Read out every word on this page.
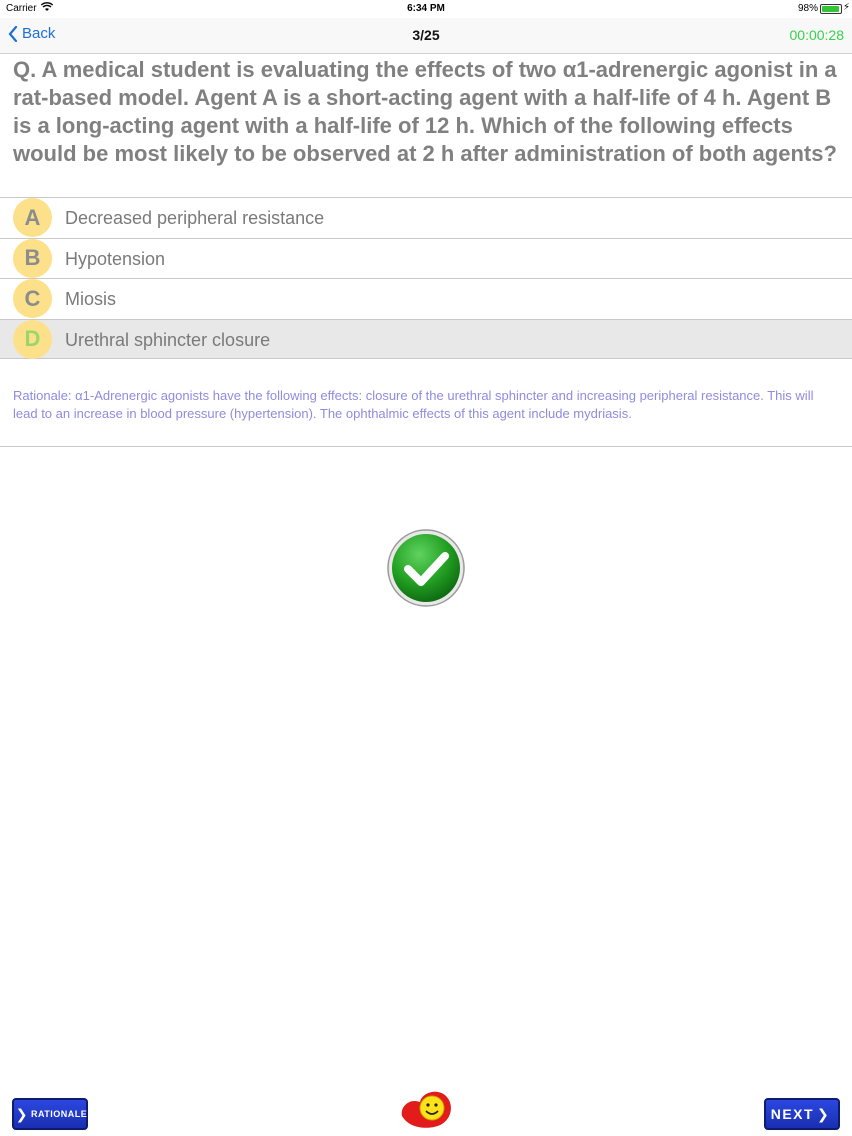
Carrier	6:34 PM	98% ⚡
Back	3/25	00:00:28
Q. A medical student is evaluating the effects of two α1-adrenergic agonist in a rat-based model. Agent A is a short-acting agent with a half-life of 4 h. Agent B is a long-acting agent with a half-life of 12 h. Which of the following effects would be most likely to be observed at 2 h after administration of both agents?
A	Decreased peripheral resistance
B	Hypotension
C	Miosis
D	Urethral sphincter closure
Rationale: α1-Adrenergic agonists have the following effects: closure of the urethral sphincter and increasing peripheral resistance. This will lead to an increase in blood pressure (hypertension). The ophthalmic effects of this agent include mydriasis.
❯ RATIONALE	NEXT ❯
